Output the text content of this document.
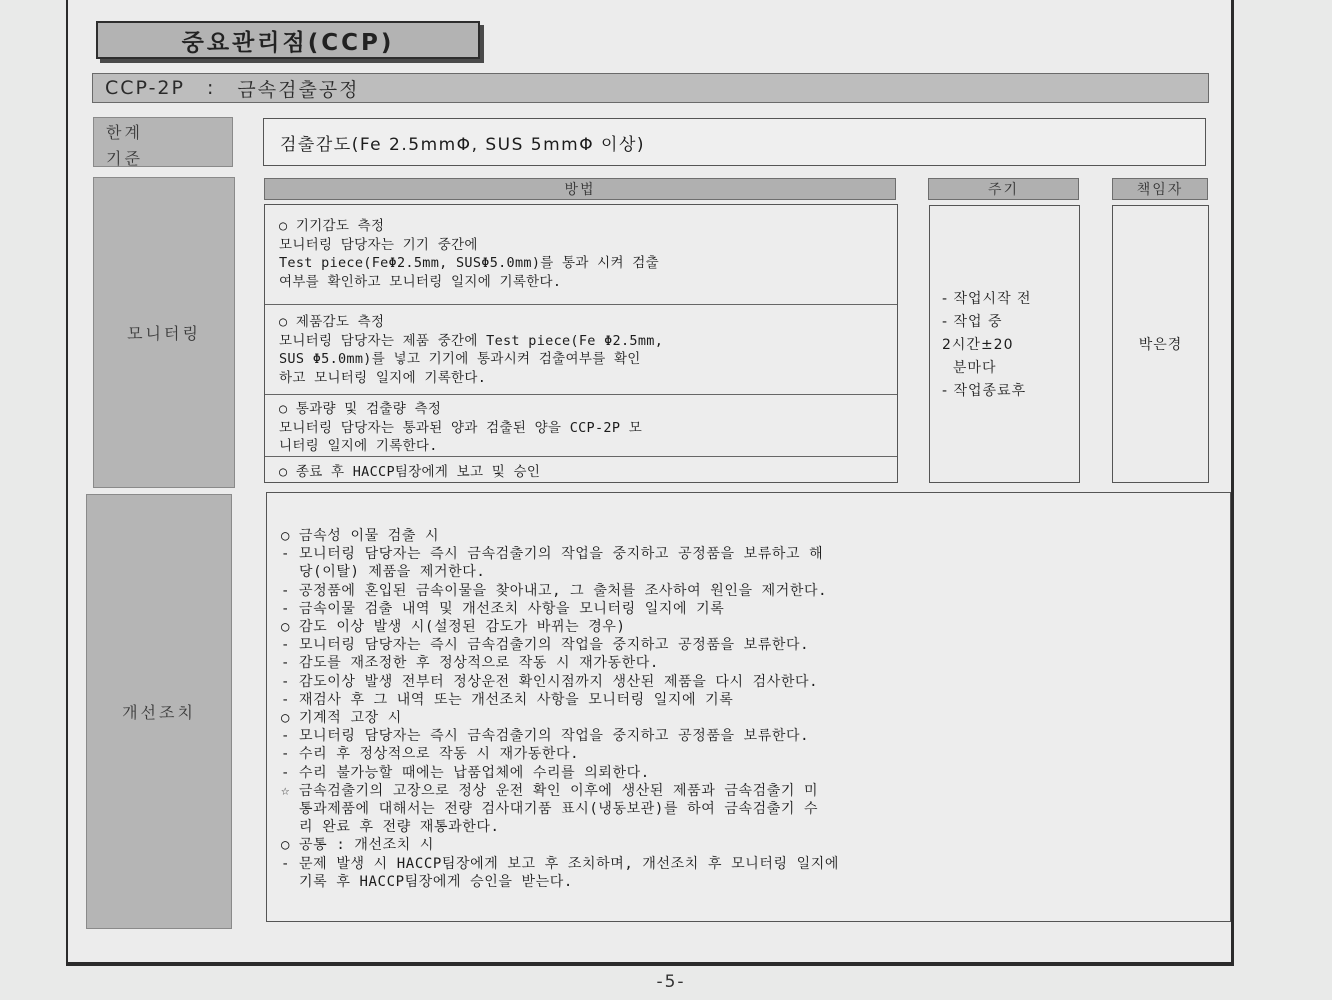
중요관리점(CCP)
CCP-2P : 금속검출공정
한계
기준
검출감도(Fe 2.5mmΦ, SUS 5mmΦ 이상)
모니터링
방법	주기	책임자
○ 기기감도 측정
모니터링 담당자는 기기 중간에
Test piece(FeΦ2.5mm, SUSΦ5.0mm)를 통과 시켜 검출
여부를 확인하고 모니터링 일지에 기록한다.
○ 제품감도 측정
모니터링 담당자는 제품 중간에 Test piece(Fe Φ2.5mm,
SUS Φ5.0mm)를 넣고 기기에 통과시켜 검출여부를 확인
하고 모니터링 일지에 기록한다.
○ 통과량 및 검출량 측정
모니터링 담당자는 통과된 양과 검출된 양을 CCP-2P 모
니터링 일지에 기록한다.
○ 종료 후 HACCP팀장에게 보고 및 승인
- 작업시작 전
- 작업 중
2시간±20
분마다
- 작업종료후
박은경
개선조치
○ 금속성 이물 검출 시
- 모니터링 담당자는 즉시 금속검출기의 작업을 중지하고 공정품을 보류하고 해
당(이탈) 제품을 제거한다.
- 공정품에 혼입된 금속이물을 찾아내고, 그 출처를 조사하여 원인을 제거한다.
- 금속이물 검출 내역 및 개선조치 사항을 모니터링 일지에 기록
○ 감도 이상 발생 시(설정된 감도가 바뀌는 경우)
- 모니터링 담당자는 즉시 금속검출기의 작업을 중지하고 공정품을 보류한다.
- 감도를 재조정한 후 정상적으로 작동 시 재가동한다.
- 감도이상 발생 전부터 정상운전 확인시점까지 생산된 제품을 다시 검사한다.
- 재검사 후 그 내역 또는 개선조치 사항을 모니터링 일지에 기록
○ 기계적 고장 시
- 모니터링 담당자는 즉시 금속검출기의 작업을 중지하고 공정품을 보류한다.
- 수리 후 정상적으로 작동 시 재가동한다.
- 수리 불가능할 때에는 납품업체에 수리를 의뢰한다.
☆ 금속검출기의 고장으로 정상 운전 확인 이후에 생산된 제품과 금속검출기 미
통과제품에 대해서는 전량 검사대기품 표시(냉동보관)를 하여 금속검출기 수
리 완료 후 전량 재통과한다.
○ 공통 : 개선조치 시
- 문제 발생 시 HACCP팀장에게 보고 후 조치하며, 개선조치 후 모니터링 일지에
기록 후 HACCP팀장에게 승인을 받는다.
-5-
